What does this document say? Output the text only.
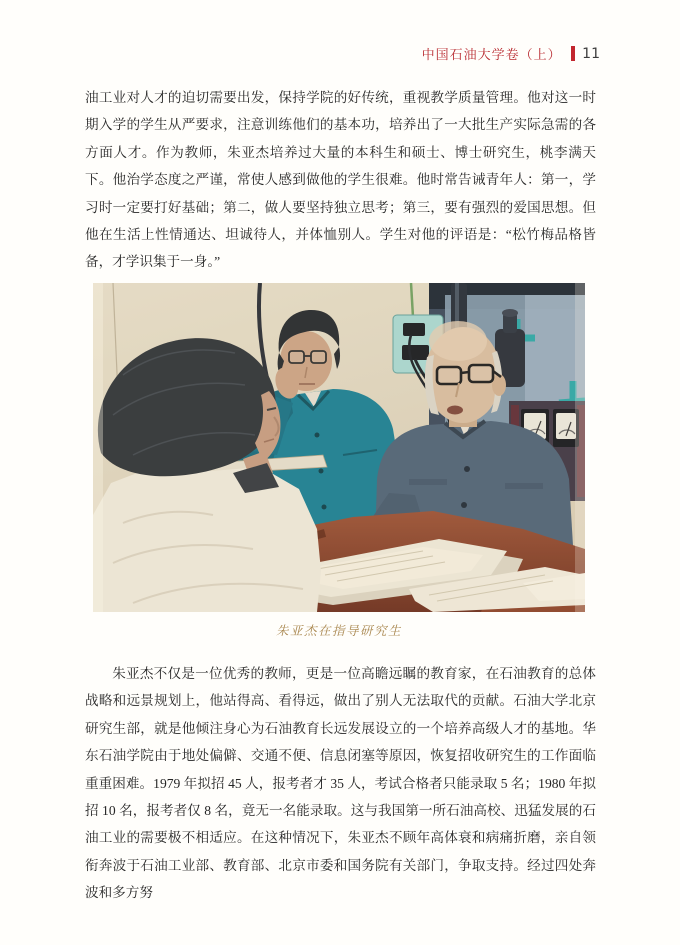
中国石油大学卷（上） 11

油工业对人才的迫切需要出发，保持学院的好传统，重视教学质量管理。他对这一时期入学的学生从严要求，注意训练他们的基本功，培养出了一大批生产实际急需的各方面人才。作为教师，朱亚杰培养过大量的本科生和硕士、博士研究生，桃李满天下。他治学态度之严谨，常使人感到做他的学生很难。他时常告诫青年人：第一，学习时一定要打好基础；第二，做人要坚持独立思考；第三，要有强烈的爱国思想。但他在生活上性情通达、坦诚待人，并体恤别人。学生对他的评语是：“松竹梅品格皆备，才学识集于一身。”

朱亚杰在指导研究生

朱亚杰不仅是一位优秀的教师，更是一位高瞻远瞩的教育家，在石油教育的总体战略和远景规划上，他站得高、看得远，做出了别人无法取代的贡献。石油大学北京研究生部，就是他倾注身心为石油教育长远发展设立的一个培养高级人才的基地。华东石油学院由于地处偏僻、交通不便、信息闭塞等原因，恢复招收研究生的工作面临重重困难。1979 年拟招 45 人，报考者才 35 人，考试合格者只能录取 5 名；1980 年拟招 10 名，报考者仅 8 名，竟无一名能录取。这与我国第一所石油高校、迅猛发展的石油工业的需要极不相适应。在这种情况下，朱亚杰不顾年高体衰和病痛折磨，亲自领衔奔波于石油工业部、教育部、北京市委和国务院有关部门，争取支持。经过四处奔波和多方努
